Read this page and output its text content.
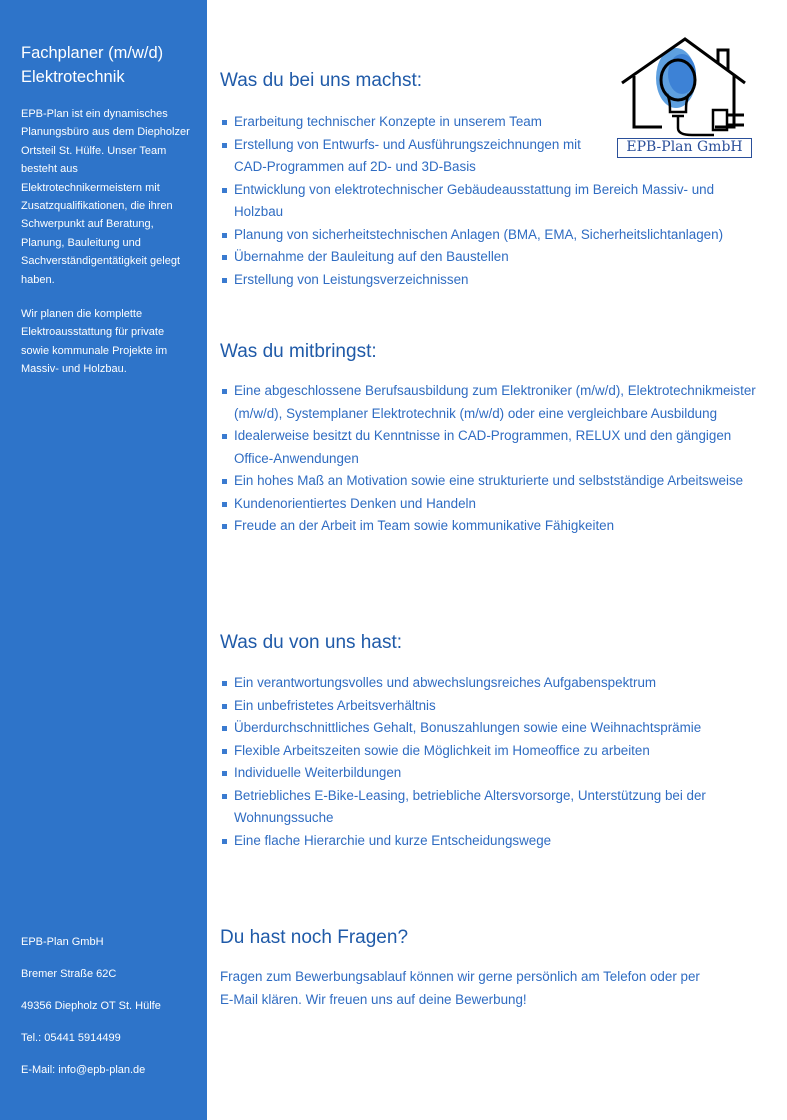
Fachplaner (m/w/d)
Elektrotechnik

EPB-Plan ist ein dynamisches Planungsbüro aus dem Diepholzer Ortsteil St. Hülfe. Unser Team besteht aus Elektrotechnikermeistern mit Zusatzqualifikationen, die ihren Schwerpunkt auf Beratung, Planung, Bauleitung und Sachverständigentätigkeit gelegt haben.

Wir planen die komplette Elektroausstattung für private sowie kommunale Projekte im Massiv- und Holzbau.

EPB-Plan GmbH

Bremer Straße 62C

49356 Diepholz OT St. Hülfe

Tel.: 05441 5914499

E-Mail: info@epb-plan.de

EPB-Plan GmbH
Was du bei uns machst:
Erarbeitung technischer Konzepte in unserem Team
Erstellung von Entwurfs- und Ausführungszeichnungen mit CAD-Programmen auf 2D- und 3D-Basis
Entwicklung von elektrotechnischer Gebäudeausstattung im Bereich Massiv- und Holzbau
Planung von sicherheitstechnischen Anlagen (BMA, EMA, Sicherheitslichtanlagen)
Übernahme der Bauleitung auf den Baustellen
Erstellung von Leistungsverzeichnissen
Was du mitbringst:
Eine abgeschlossene Berufsausbildung zum Elektroniker (m/w/d), Elektrotechnikmeister (m/w/d), Systemplaner Elektrotechnik (m/w/d) oder eine vergleichbare Ausbildung
Idealerweise besitzt du Kenntnisse in CAD-Programmen, RELUX und den gängigen Office-Anwendungen
Ein hohes Maß an Motivation sowie eine strukturierte und selbstständige Arbeitsweise
Kundenorientiertes Denken und Handeln
Freude an der Arbeit im Team sowie kommunikative Fähigkeiten
Was du von uns hast:
Ein verantwortungsvolles und abwechslungsreiches Aufgabenspektrum
Ein unbefristetes Arbeitsverhältnis
Überdurchschnittliches Gehalt, Bonuszahlungen sowie eine Weihnachtsprämie
Flexible Arbeitszeiten sowie die Möglichkeit im Homeoffice zu arbeiten
Individuelle Weiterbildungen
Betriebliches E-Bike-Leasing, betriebliche Altersvorsorge, Unterstützung bei der Wohnungssuche
Eine flache Hierarchie und kurze Entscheidungswege
Du hast noch Fragen?

Fragen zum Bewerbungsablauf können wir gerne persönlich am Telefon oder per E-Mail klären. Wir freuen uns auf deine Bewerbung!
